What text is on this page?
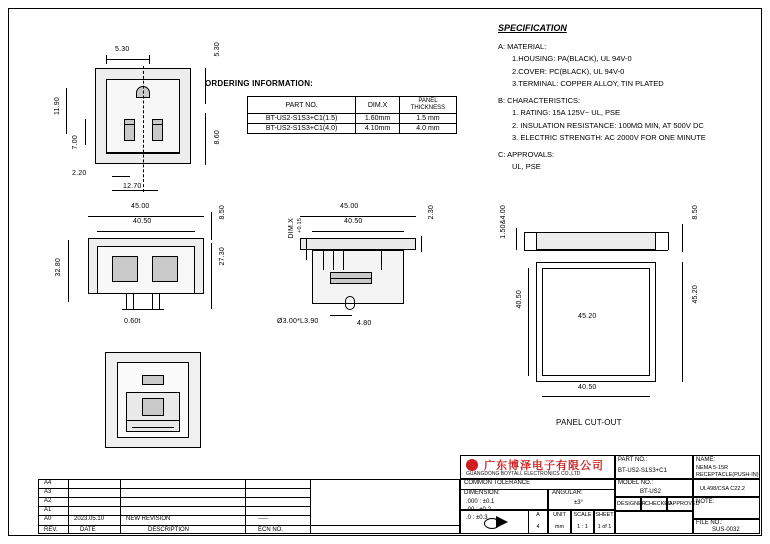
5.30	5.30
11.90
7.00	8.60
2.20
12.70
ORDERING INFORMATION:
PART NO.	DIM.X	PANEL THICKNESS
BT-US2-S1S3+C1(1.5)	1.60mm	1.5 mm
BT-US2-S1S3+C1(4.0)	4.10mm	4.0 mm
SPECIFICATION
A: MATERIAL:
1.HOUSING: PA(BLACK), UL 94V-0
2.COVER: PC(BLACK), UL 94V-0
3.TERMINAL: COPPER ALLOY, TIN PLATED
B: CHARACTERISTICS:
1. RATING: 15A 125V~ UL, PSE
2. INSULATION RESISTANCE: 100MΩ MIN, AT 500V DC
3. ELECTRIC STRENGTH: AC 2000V FOR ONE MINUTE
C: APPROVALS:
UL, PSE
45.00
40.50
8.50
27.30
32.80
0.60t
45.00
40.50
2.30
DIM.X +0.15
Ø3.00*L3.90	4.80
1.50&4.00	8.50
40.50	45.20
40.50
45.20
PANEL CUT-OUT
广东博泽电子有限公司
GUANGDONG BOYTALL ELECTRONICS CO.,LTD
PART NO.:
BT-US2-S1S3+C1
NAME:
NEMA 5-15R
RECEPTACLE(PUSH-IN)
MODEL NO.:
BT-US2	UL498/CSA C22.2
DESIGNER CHECKED
APPROVED
NOTE:
FILE NO.:
SUS-0032
COMMON TOLERANCE
DIMENSION:	ANGULAR:
.000 : ±0.1
.00 : ±0.2
.0 : ±0.3
±3°
UNIT
mm
SCALE
1 : 1
SHEET
1 of 1
A
4
A4
A3
A2
A1
A0	2023.05.10	NEW REVISION	-----
REV.	DATE	DESCRIPTION	ECN NO.
